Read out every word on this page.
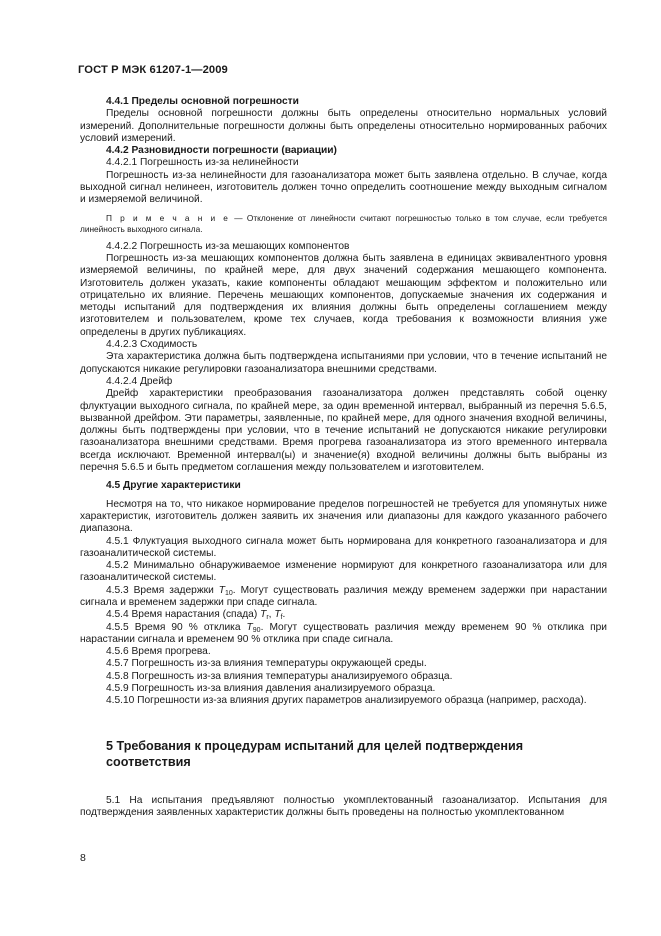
ГОСТ Р МЭК 61207-1—2009

4.4.1 Пределы основной погрешности

Пределы основной погрешности должны быть определены относительно нормальных условий измерений. Дополнительные погрешности должны быть определены относительно нормированных рабочих условий измерений.

4.4.2 Разновидности погрешности (вариации)

4.4.2.1 Погрешность из-за нелинейности

Погрешность из-за нелинейности для газоанализатора может быть заявлена отдельно. В случае, когда выходной сигнал нелинеен, изготовитель должен точно определить соотношение между выходным сигналом и измеряемой величиной.

П р и м е ч а н и е — Отклонение от линейности считают погрешностью только в том случае, если требуется линейность выходного сигнала.

4.4.2.2 Погрешность из-за мешающих компонентов

Погрешность из-за мешающих компонентов должна быть заявлена в единицах эквивалентного уровня измеряемой величины, по крайней мере, для двух значений содержания мешающего компонента. Изготовитель должен указать, какие компоненты обладают мешающим эффектом и положительно или отрицательно их влияние. Перечень мешающих компонентов, допускаемые значения их содержания и методы испытаний для подтверждения их влияния должны быть определены соглашением между изготовителем и пользователем, кроме тех случаев, когда требования к возможности влияния уже определены в других публикациях.

4.4.2.3 Сходимость

Эта характеристика должна быть подтверждена испытаниями при условии, что в течение испытаний не допускаются никакие регулировки газоанализатора внешними средствами.

4.4.2.4 Дрейф

Дрейф характеристики преобразования газоанализатора должен представлять собой оценку флуктуации выходного сигнала, по крайней мере, за один временной интервал, выбранный из перечня 5.6.5, вызванной дрейфом. Эти параметры, заявленные, по крайней мере, для одного значения входной величины, должны быть подтверждены при условии, что в течение испытаний не допускаются никакие регулировки газоанализатора внешними средствами. Время прогрева газоанализатора из этого временного интервала всегда исключают. Временной интервал(ы) и значение(я) входной величины должны быть выбраны из перечня 5.6.5 и быть предметом соглашения между пользователем и изготовителем.

4.5 Другие характеристики

Несмотря на то, что никакое нормирование пределов погрешностей не требуется для упомянутых ниже характеристик, изготовитель должен заявить их значения или диапазоны для каждого указанного рабочего диапазона.

4.5.1 Флуктуация выходного сигнала может быть нормирована для конкретного газоанализатора и для газоаналитической системы.

4.5.2 Минимально обнаруживаемое изменение нормируют для конкретного газоанализатора или для газоаналитической системы.

4.5.3 Время задержки $T_{10}$. Могут существовать различия между временем задержки при нарастании сигнала и временем задержки при спаде сигнала.

4.5.4 Время нарастания (спада) $T_r$, $T_f$.

4.5.5 Время 90 % отклика $T_{90}$. Могут существовать различия между временем 90 % отклика при нарастании сигнала и временем 90 % отклика при спаде сигнала.

4.5.6 Время прогрева.

4.5.7 Погрешность из-за влияния температуры окружающей среды.

4.5.8 Погрешность из-за влияния температуры анализируемого образца.

4.5.9 Погрешность из-за влияния давления анализируемого образца.

4.5.10 Погрешности из-за влияния других параметров анализируемого образца (например, расхода).

5 Требования к процедурам испытаний для целей подтверждения соответствия

5.1 На испытания предъявляют полностью укомплектованный газоанализатор. Испытания для подтверждения заявленных характеристик должны быть проведены на полностью укомплектованном

8
